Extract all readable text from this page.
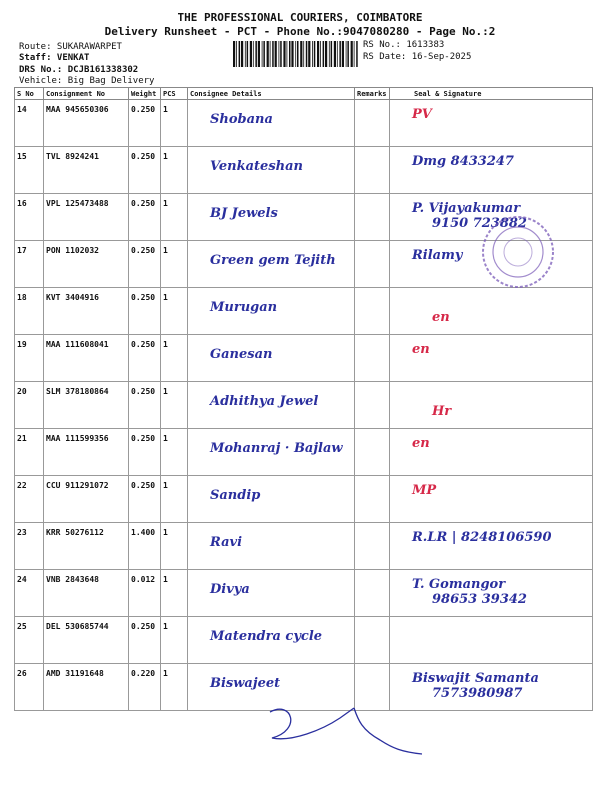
THE PROFESSIONAL COURIERS, COIMBATORE
Delivery Runsheet - PCT - Phone No.:9047080280 - Page No.:2
Route: SUKARAWARPET
Staff: VENKAT
DRS No.: DCJB161338302
Vehicle: Big Bag Delivery
RS No.: 1613383
RS Date: 16-Sep-2025
S No	Consignment No	Weight	PCS	Consignee Details	Remarks	Seal & Signature
14	MAA 945650306	0.250	1	Shobana		PV

15	TVL 8924241	0.250	1	Venkateshan		Dmg 8433247

16	VPL 125473488	0.250	1	BJ Jewels		P. Vijayakumar
9150 723882

17	PON 1102032	0.250	1	Green gem Tejith		Rilamy

18	KVT 3404916	0.250	1	Murugan		en

19	MAA 111608041	0.250	1	Ganesan		en

20	SLM 378180864	0.250	1	Adhithya Jewel		Hr

21	MAA 111599356	0.250	1	Mohanraj · Bajlaw		en

22	CCU 911291072	0.250	1	Sandip		MP

23	KRR 50276112	1.400	1	Ravi		R.LR | 8248106590

24	VNB 2843648	0.012	1	Divya		T. Gomangor
98653 39342

25	DEL 530685744	0.250	1	Matendra cycle		

26	AMD 31191648	0.220	1	Biswajeet		Biswajit Samanta
7573980987
